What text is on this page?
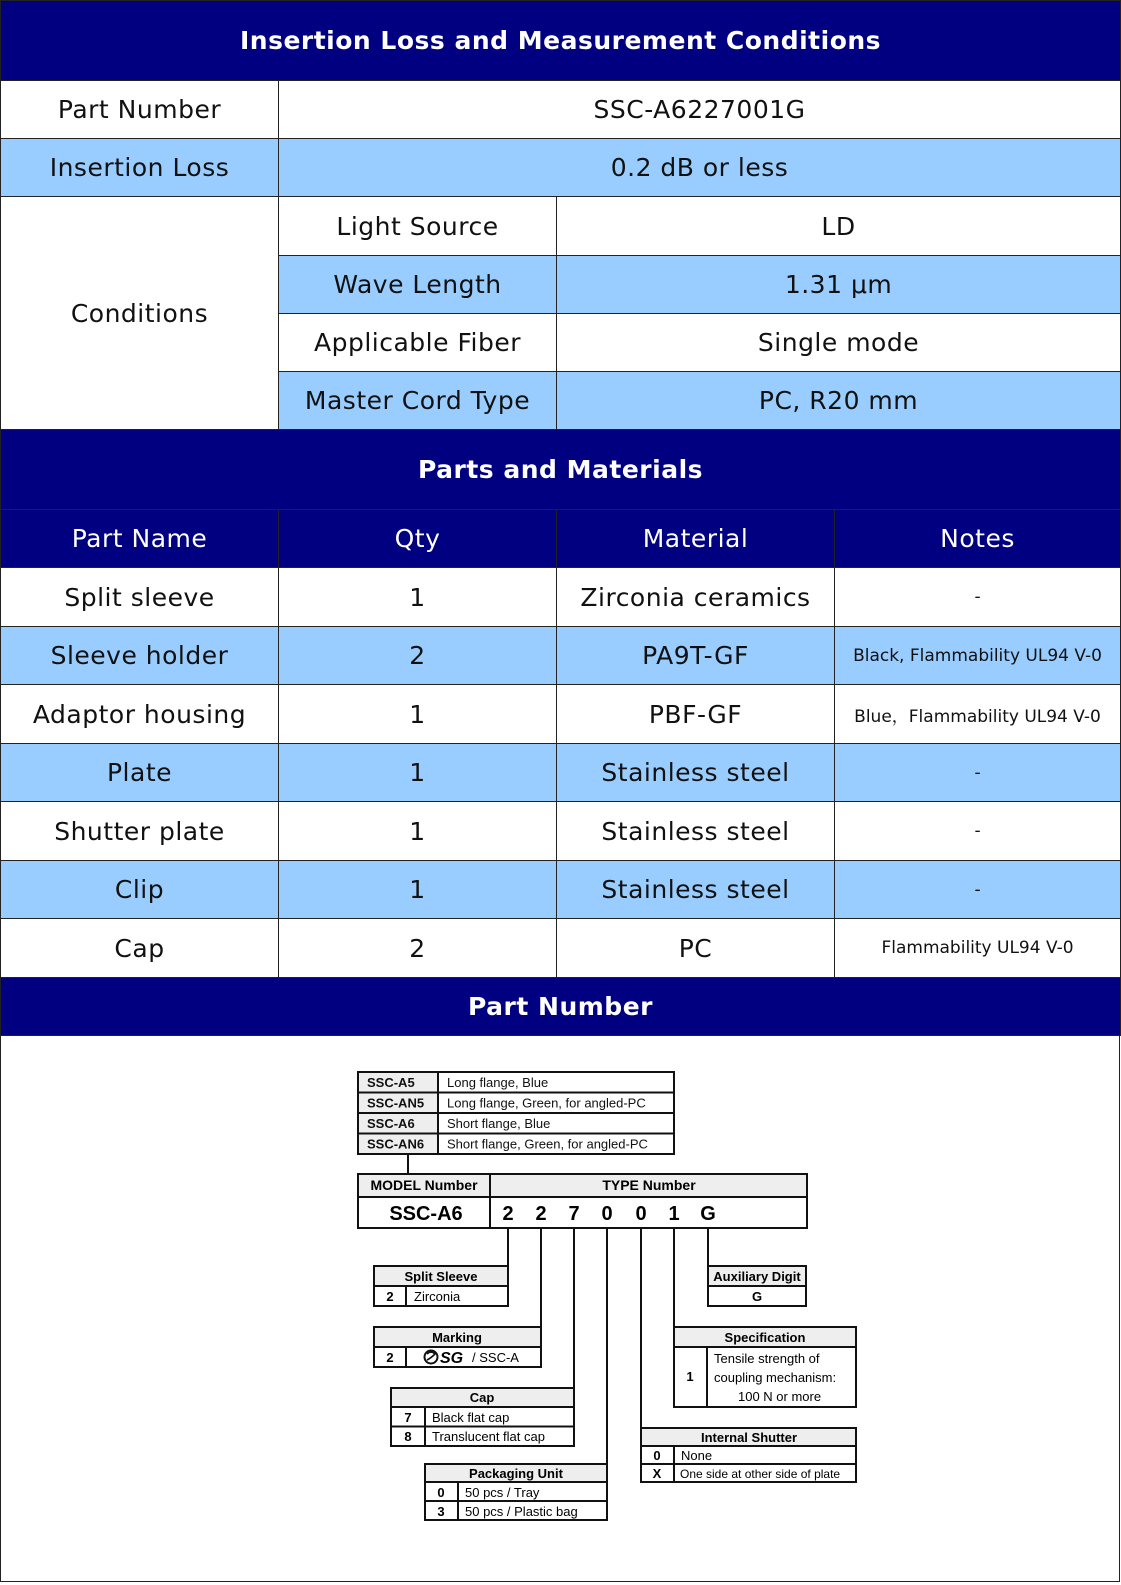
Insertion Loss and Measurement Conditions			
Part Number	SSC-A6227001G		
Insertion Loss	0.2 dB or less		
Conditions	Light Source	LD	
	Wave Length	1.31 μm	
	Applicable Fiber	Single mode	
	Master Cord Type	PC, R20 mm	
Parts and Materials			
Part Name	Qty	Material	Notes
Split sleeve	1	Zirconia ceramics	-
Sleeve holder	2	PA9T-GF	Black, Flammability UL94 V-0
Adaptor housing	1	PBF-GF	Blue，Flammability UL94 V-0
Plate	1	Stainless steel	-
Shutter plate	1	Stainless steel	-
Clip	1	Stainless steel	-
Cap	2	PC	Flammability UL94 V-0
Part Number			
SSC-A5 Long flange, Blue
SSC-AN5 Long flange, Green, for angled-PC
SSC-A6 Short flange, Blue
SSC-AN6 Short flange, Green, for angled-PC
MODEL Number	TYPE Number
SSC-A6 2 2 7 0 0 1 G
Split Sleeve
2 Zirconia
Marking
2	SG / SSC-A
Cap
7 Black flat cap
8 Translucent flat cap
Packaging Unit
0 50 pcs / Tray
3 50 pcs / Plastic bag
Auxiliary Digit
G
Specification
1
Tensile strength of
coupling mechanism:
100 N or more
Internal Shutter
0 None
X One side at other side of plate
